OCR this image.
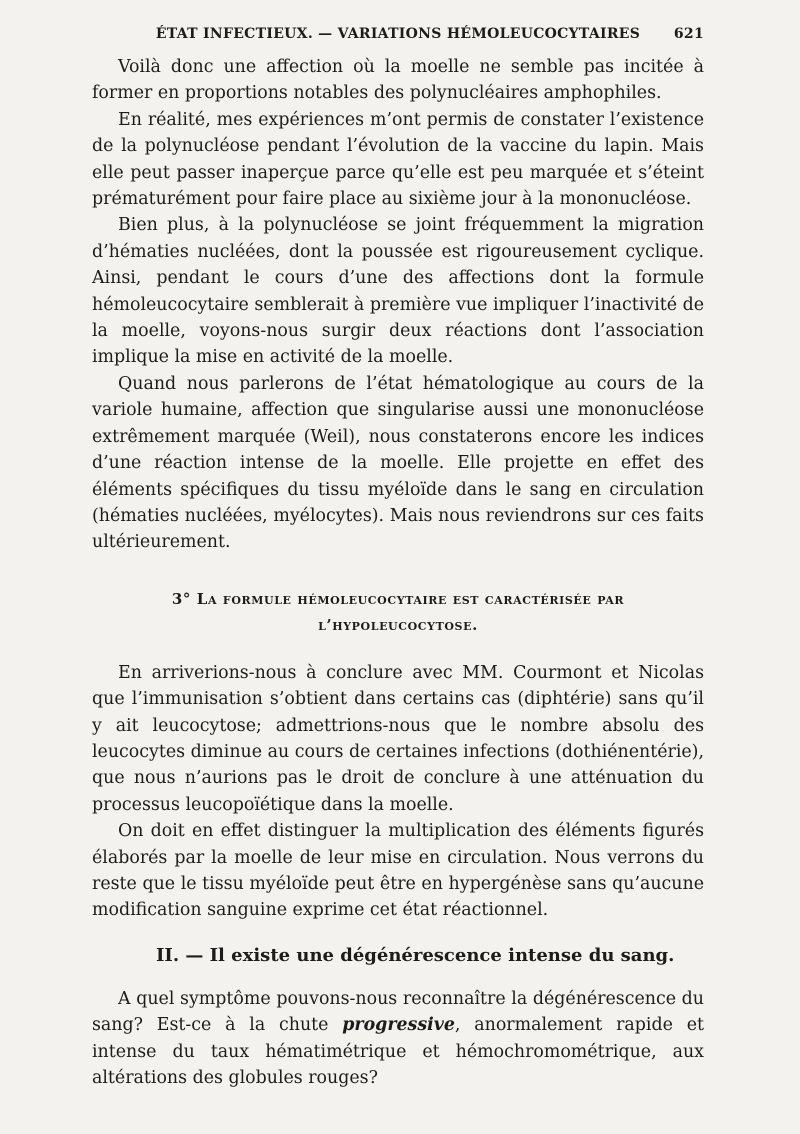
ÉTAT INFECTIEUX. — VARIATIONS HÉMOLEUCOCYTAIRES 621

Voilà donc une affection où la moelle ne semble pas incitée à former en proportions notables des polynucléaires amphophiles.

En réalité, mes expériences m’ont permis de constater l’existence de la polynucléose pendant l’évolution de la vaccine du lapin. Mais elle peut passer inaperçue parce qu’elle est peu marquée et s’éteint prématurément pour faire place au sixième jour à la mononucléose.

Bien plus, à la polynucléose se joint fréquemment la migration d’hématies nucléées, dont la poussée est rigoureusement cyclique. Ainsi, pendant le cours d’une des affections dont la formule hémoleucocytaire semblerait à première vue impliquer l’inactivité de la moelle, voyons-nous surgir deux réactions dont l’association implique la mise en activité de la moelle.

Quand nous parlerons de l’état hématologique au cours de la variole humaine, affection que singularise aussi une mononucléose extrêmement marquée (Weil), nous constaterons encore les indices d’une réaction intense de la moelle. Elle projette en effet des éléments spécifiques du tissu myéloïde dans le sang en circulation (hématies nucléées, myélocytes). Mais nous reviendrons sur ces faits ultérieurement.

3° La formule hémoleucocytaire est caractérisée par
l’hypoleucocytose.

En arriverions-nous à conclure avec MM. Courmont et Nicolas que l’immunisation s’obtient dans certains cas (diphtérie) sans qu’il y ait leucocytose; admettrions-nous que le nombre absolu des leucocytes diminue au cours de certaines infections (dothiénentérie), que nous n’aurions pas le droit de conclure à une atténuation du processus leucopoïétique dans la moelle.

On doit en effet distinguer la multiplication des éléments figurés élaborés par la moelle de leur mise en circulation. Nous verrons du reste que le tissu myéloïde peut être en hypergénèse sans qu’aucune modification sanguine exprime cet état réactionnel.

II. — Il existe une dégénérescence intense du sang.

A quel symptôme pouvons-nous reconnaître la dégénérescence du sang? Est-ce à la chute progressive, anormalement rapide et intense du taux hématimétrique et hémochromométrique, aux altérations des globules rouges?
